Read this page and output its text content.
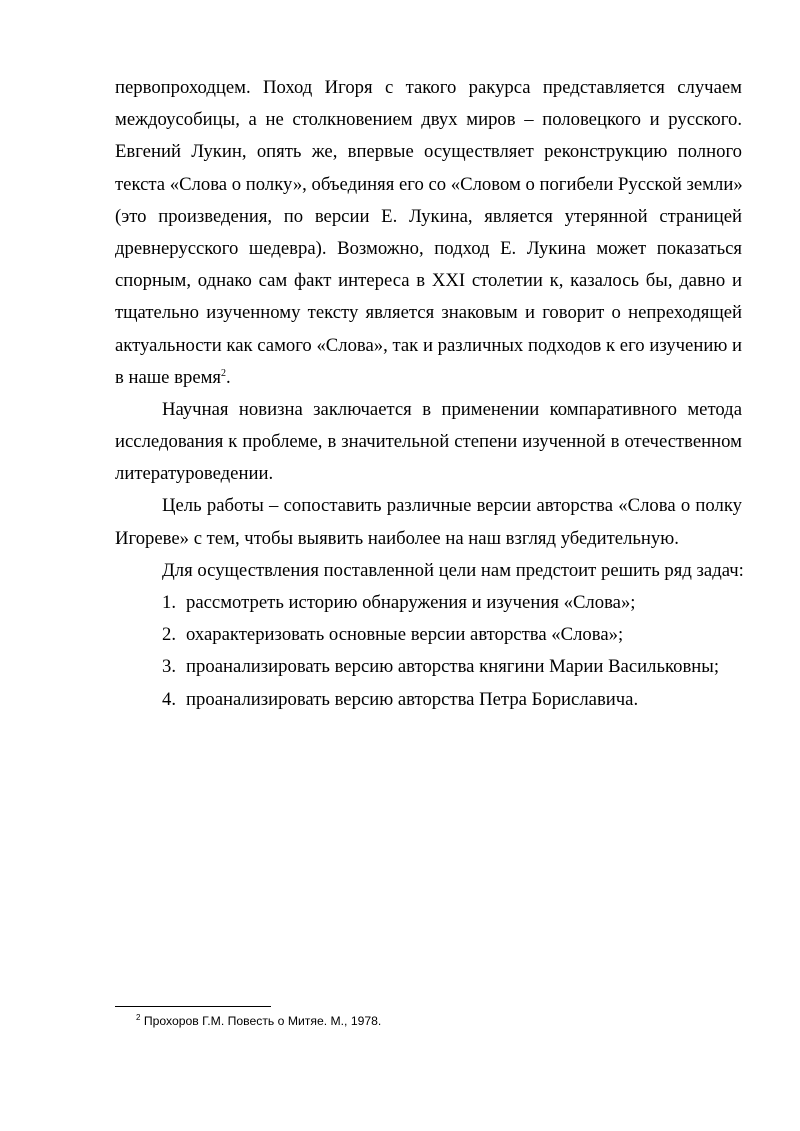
первопроходцем. Поход Игоря с такого ракурса представляется случаем
междоусобицы, а не столкновением двух миров – половецкого и русского.
Евгений Лукин, опять же, впервые осуществляет реконструкцию полного
текста «Слова о полку», объединяя его со «Словом о погибели Русской земли»
(это произведения, по версии Е. Лукина, является утерянной страницей
древнерусского шедевра). Возможно, подход Е. Лукина может показаться
спорным, однако сам факт интереса в XXI столетии к, казалось бы, давно и
тщательно изученному тексту является знаковым и говорит о непреходящей
актуальности как самого «Слова», так и различных подходов к его изучению и
в наше время$^2$.
Научная новизна заключается в применении компаративного метода
исследования к проблеме, в значительной степени изученной в отечественном
литературоведении.
Цель работы – сопоставить различные версии авторства «Слова о полку
Игореве» с тем, чтобы выявить наиболее на наш взгляд убедительную.
Для осуществления поставленной цели нам предстоит решить ряд задач:
1. рассмотреть историю обнаружения и изучения «Слова»;
2. охарактеризовать основные версии авторства «Слова»;
3. проанализировать версию авторства княгини Марии Васильковны;
4. проанализировать версию авторства Петра Бориславича.
$^2$ Прохоров Г.М. Повесть о Митяе. М., 1978.
